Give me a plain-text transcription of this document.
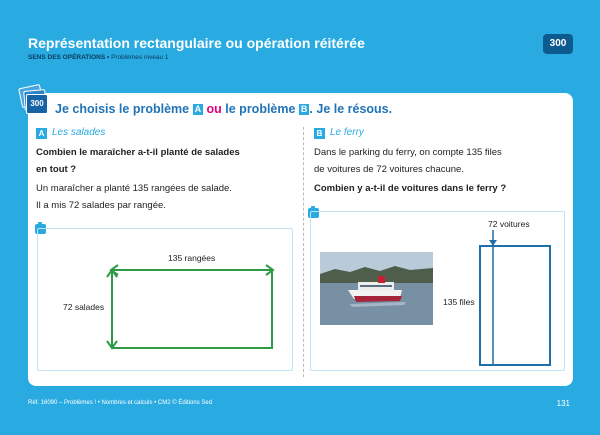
Représentation rectangulaire ou opération réitérée
SENS DES OPÉRATIONS • Problèmes niveau 1
300
300 Je choisis le problème A ou le problème B . Je le résous.
A Les salades
Combien le maraîcher a-t-il planté de salades
en tout ?
Un maraîcher a planté 135 rangées de salade.
Il a mis 72 salades par rangée.
135 rangées
72 salades
B Le ferry
Dans le parking du ferry, on compte 135 files
de voitures de 72 voitures chacune.
Combien y a-t-il de voitures dans le ferry ?
72 voitures
135 files
Réf. 16090 – Problèmes ! • Nombres et calculs • CM2 © Éditions Sed	131
